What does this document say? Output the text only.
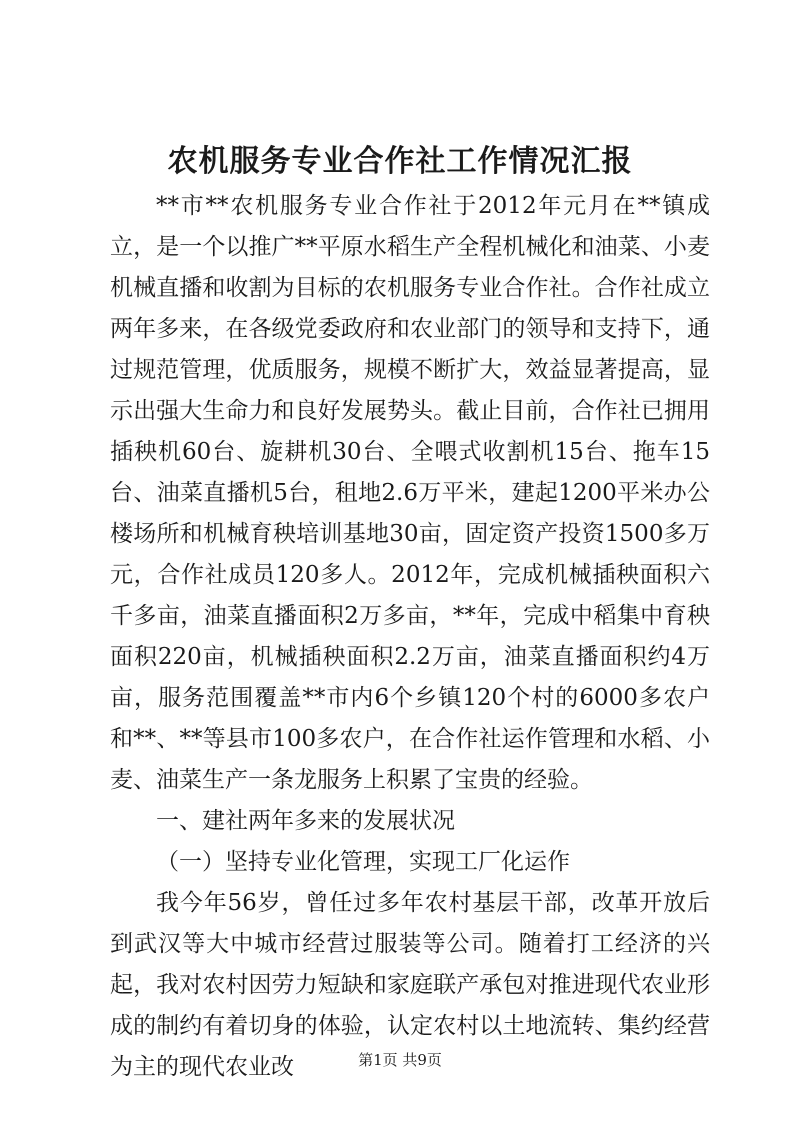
农机服务专业合作社工作情况汇报

**市**农机服务专业合作社于2012年元月在**镇成立，是一个以推广**平原水稻生产全程机械化和油菜、小麦机械直播和收割为目标的农机服务专业合作社。合作社成立两年多来，在各级党委政府和农业部门的领导和支持下，通过规范管理，优质服务，规模不断扩大，效益显著提高，显示出强大生命力和良好发展势头。截止目前，合作社已拥用插秧机60台、旋耕机30台、全喂式收割机15台、拖车15台、油菜直播机5台，租地2.6万平米，建起1200平米办公楼场所和机械育秧培训基地30亩，固定资产投资1500多万元，合作社成员120多人。2012年，完成机械插秧面积六千多亩，油菜直播面积2万多亩，**年，完成中稻集中育秧面积220亩，机械插秧面积2.2万亩，油菜直播面积约4万亩，服务范围覆盖**市内6个乡镇120个村的6000多农户和**、**等县市100多农户，在合作社运作管理和水稻、小麦、油菜生产一条龙服务上积累了宝贵的经验。

一、建社两年多来的发展状况

（一）坚持专业化管理，实现工厂化运作

我今年56岁，曾任过多年农村基层干部，改革开放后到武汉等大中城市经营过服装等公司。随着打工经济的兴起，我对农村因劳力短缺和家庭联产承包对推进现代农业形成的制约有着切身的体验，认定农村以土地流转、集约经营为主的现代农业改	第1页 共9页
